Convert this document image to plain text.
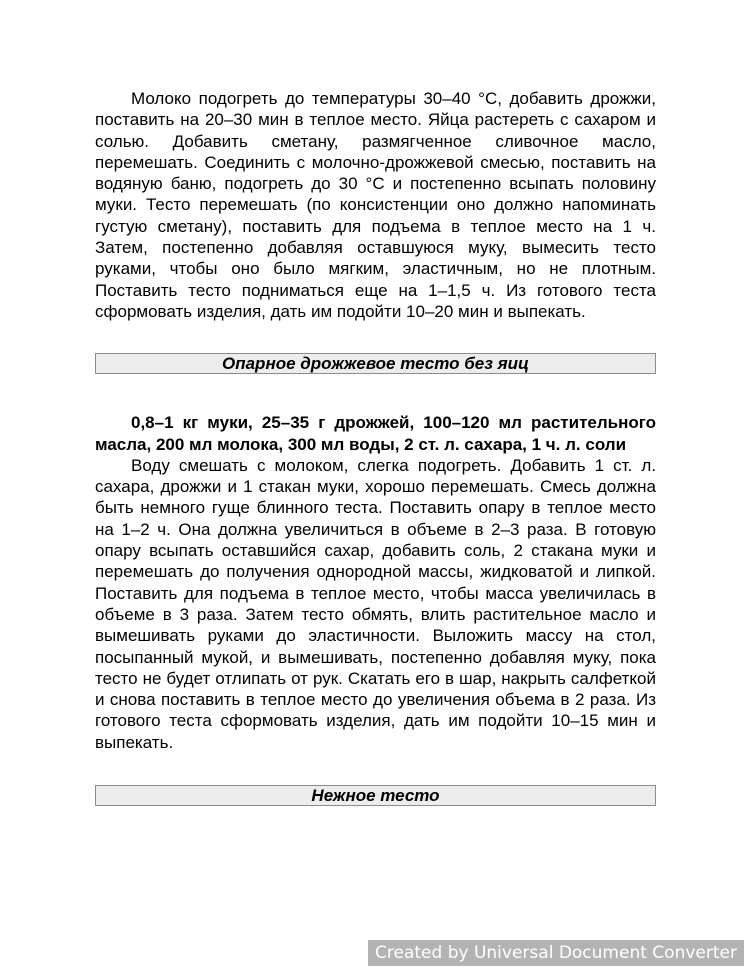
Молоко подогреть до температуры 30–40 °С, добавить дрожжи, поставить на 20–30 мин в теплое место. Яйца растереть с сахаром и солью. Добавить сметану, размягченное сливочное масло, перемешать. Соединить с молочно-дрожжевой смесью, поставить на водяную баню, подогреть до 30 °С и постепенно всыпать половину муки. Тесто перемешать (по консистенции оно должно напоминать густую сметану), поставить для подъема в теплое место на 1 ч. Затем, постепенно добавляя оставшуюся муку, вымесить тесто руками, чтобы оно было мягким, эластичным, но не плотным. Поставить тесто подниматься еще на 1–1,5 ч. Из готового теста сформовать изделия, дать им подойти 10–20 мин и выпекать.

Опарное дрожжевое тесто без яиц

0,8–1 кг муки, 25–35 г дрожжей, 100–120 мл растительного масла, 200 мл молока, 300 мл воды, 2 ст. л. сахара, 1 ч. л. соли

Воду смешать с молоком, слегка подогреть. Добавить 1 ст. л. сахара, дрожжи и 1 стакан муки, хорошо перемешать. Смесь должна быть немного гуще блинного теста. Поставить опару в теплое место на 1–2 ч. Она должна увеличиться в объеме в 2–3 раза. В готовую опару всыпать оставшийся сахар, добавить соль, 2 стакана муки и перемешать до получения однородной массы, жидковатой и липкой. Поставить для подъема в теплое место, чтобы масса увеличилась в объеме в 3 раза. Затем тесто обмять, влить растительное масло и вымешивать руками до эластичности. Выложить массу на стол, посыпанный мукой, и вымешивать, постепенно добавляя муку, пока тесто не будет отлипать от рук. Скатать его в шар, накрыть салфеткой и снова поставить в теплое место до увеличения объема в 2 раза. Из готового теста сформовать изделия, дать им подойти 10–15 мин и выпекать.

Нежное тесто
Created by Universal Document Converter
